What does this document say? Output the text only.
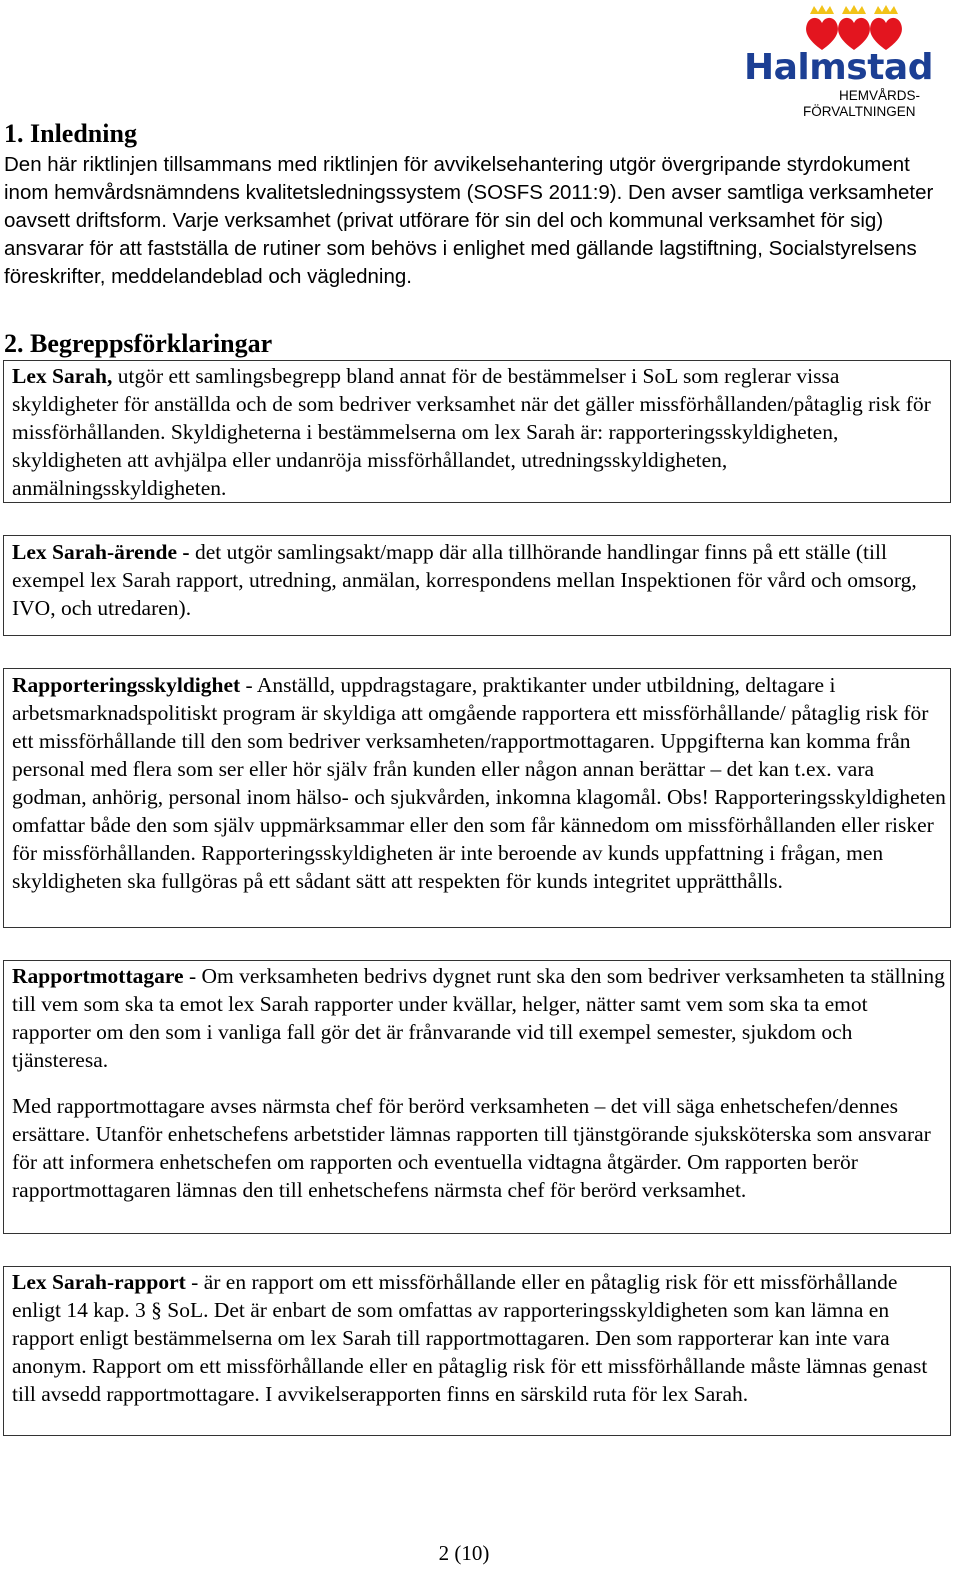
Halmstad
HEMVÅRDS-
FÖRVALTNINGEN
1. Inledning

Den här riktlinjen tillsammans med riktlinjen för avvikelsehantering utgör övergripande styrdokument inom hemvårdsnämndens kvalitetsledningssystem (SOSFS 2011:9). Den avser samtliga verksamheter oavsett driftsform. Varje verksamhet (privat utförare för sin del och kommunal verksamhet för sig) ansvarar för att fastställa de rutiner som behövs i enlighet med gällande lagstiftning, Socialstyrelsens föreskrifter, meddelandeblad och vägledning.

2. Begreppsförklaringar

Lex Sarah, utgör ett samlingsbegrepp bland annat för de bestämmelser i SoL som reglerar vissa skyldigheter för anställda och de som bedriver verksamhet när det gäller missförhållanden/påtaglig risk för missförhållanden. Skyldigheterna i bestämmelserna om lex Sarah är: rapporteringsskyldigheten, skyldigheten att avhjälpa eller undanröja missförhållandet, utredningsskyldigheten, anmälningsskyldigheten.

Lex Sarah-ärende - det utgör samlingsakt/mapp där alla tillhörande handlingar finns på ett ställe (till exempel lex Sarah rapport, utredning, anmälan, korrespondens mellan Inspektionen för vård och omsorg, IVO, och utredaren).

Rapporteringsskyldighet - Anställd, uppdragstagare, praktikanter under utbildning, deltagare i arbetsmarknadspolitiskt program är skyldiga att omgående rapportera ett missförhållande/ påtaglig risk för ett missförhållande till den som bedriver verksamheten/rapportmottagaren. Uppgifterna kan komma från personal med flera som ser eller hör själv från kunden eller någon annan berättar – det kan t.ex. vara godman, anhörig, personal inom hälso- och sjukvården, inkomna klagomål. Obs! Rapporteringsskyldigheten omfattar både den som själv uppmärksammar eller den som får kännedom om missförhållanden eller risker för missförhållanden. Rapporteringsskyldigheten är inte beroende av kunds uppfattning i frågan, men skyldigheten ska fullgöras på ett sådant sätt att respekten för kunds integritet upprätthålls.

Rapportmottagare - Om verksamheten bedrivs dygnet runt ska den som bedriver verksamheten ta ställning till vem som ska ta emot lex Sarah rapporter under kvällar, helger, nätter samt vem som ska ta emot rapporter om den som i vanliga fall gör det är frånvarande vid till exempel semester, sjukdom och tjänsteresa.

Med rapportmottagare avses närmsta chef för berörd verksamheten – det vill säga enhetschefen/dennes ersättare. Utanför enhetschefens arbetstider lämnas rapporten till tjänstgörande sjuksköterska som ansvarar för att informera enhetschefen om rapporten och eventuella vidtagna åtgärder. Om rapporten berör rapportmottagaren lämnas den till enhetschefens närmsta chef för berörd verksamhet.

Lex Sarah-rapport - är en rapport om ett missförhållande eller en påtaglig risk för ett missförhållande enligt 14 kap. 3 § SoL. Det är enbart de som omfattas av rapporteringsskyldigheten som kan lämna en rapport enligt bestämmelserna om lex Sarah till rapportmottagaren. Den som rapporterar kan inte vara anonym. Rapport om ett missförhållande eller en påtaglig risk för ett missförhållande måste lämnas genast till avsedd rapportmottagare. I avvikelserapporten finns en särskild ruta för lex Sarah.

2 (10)
